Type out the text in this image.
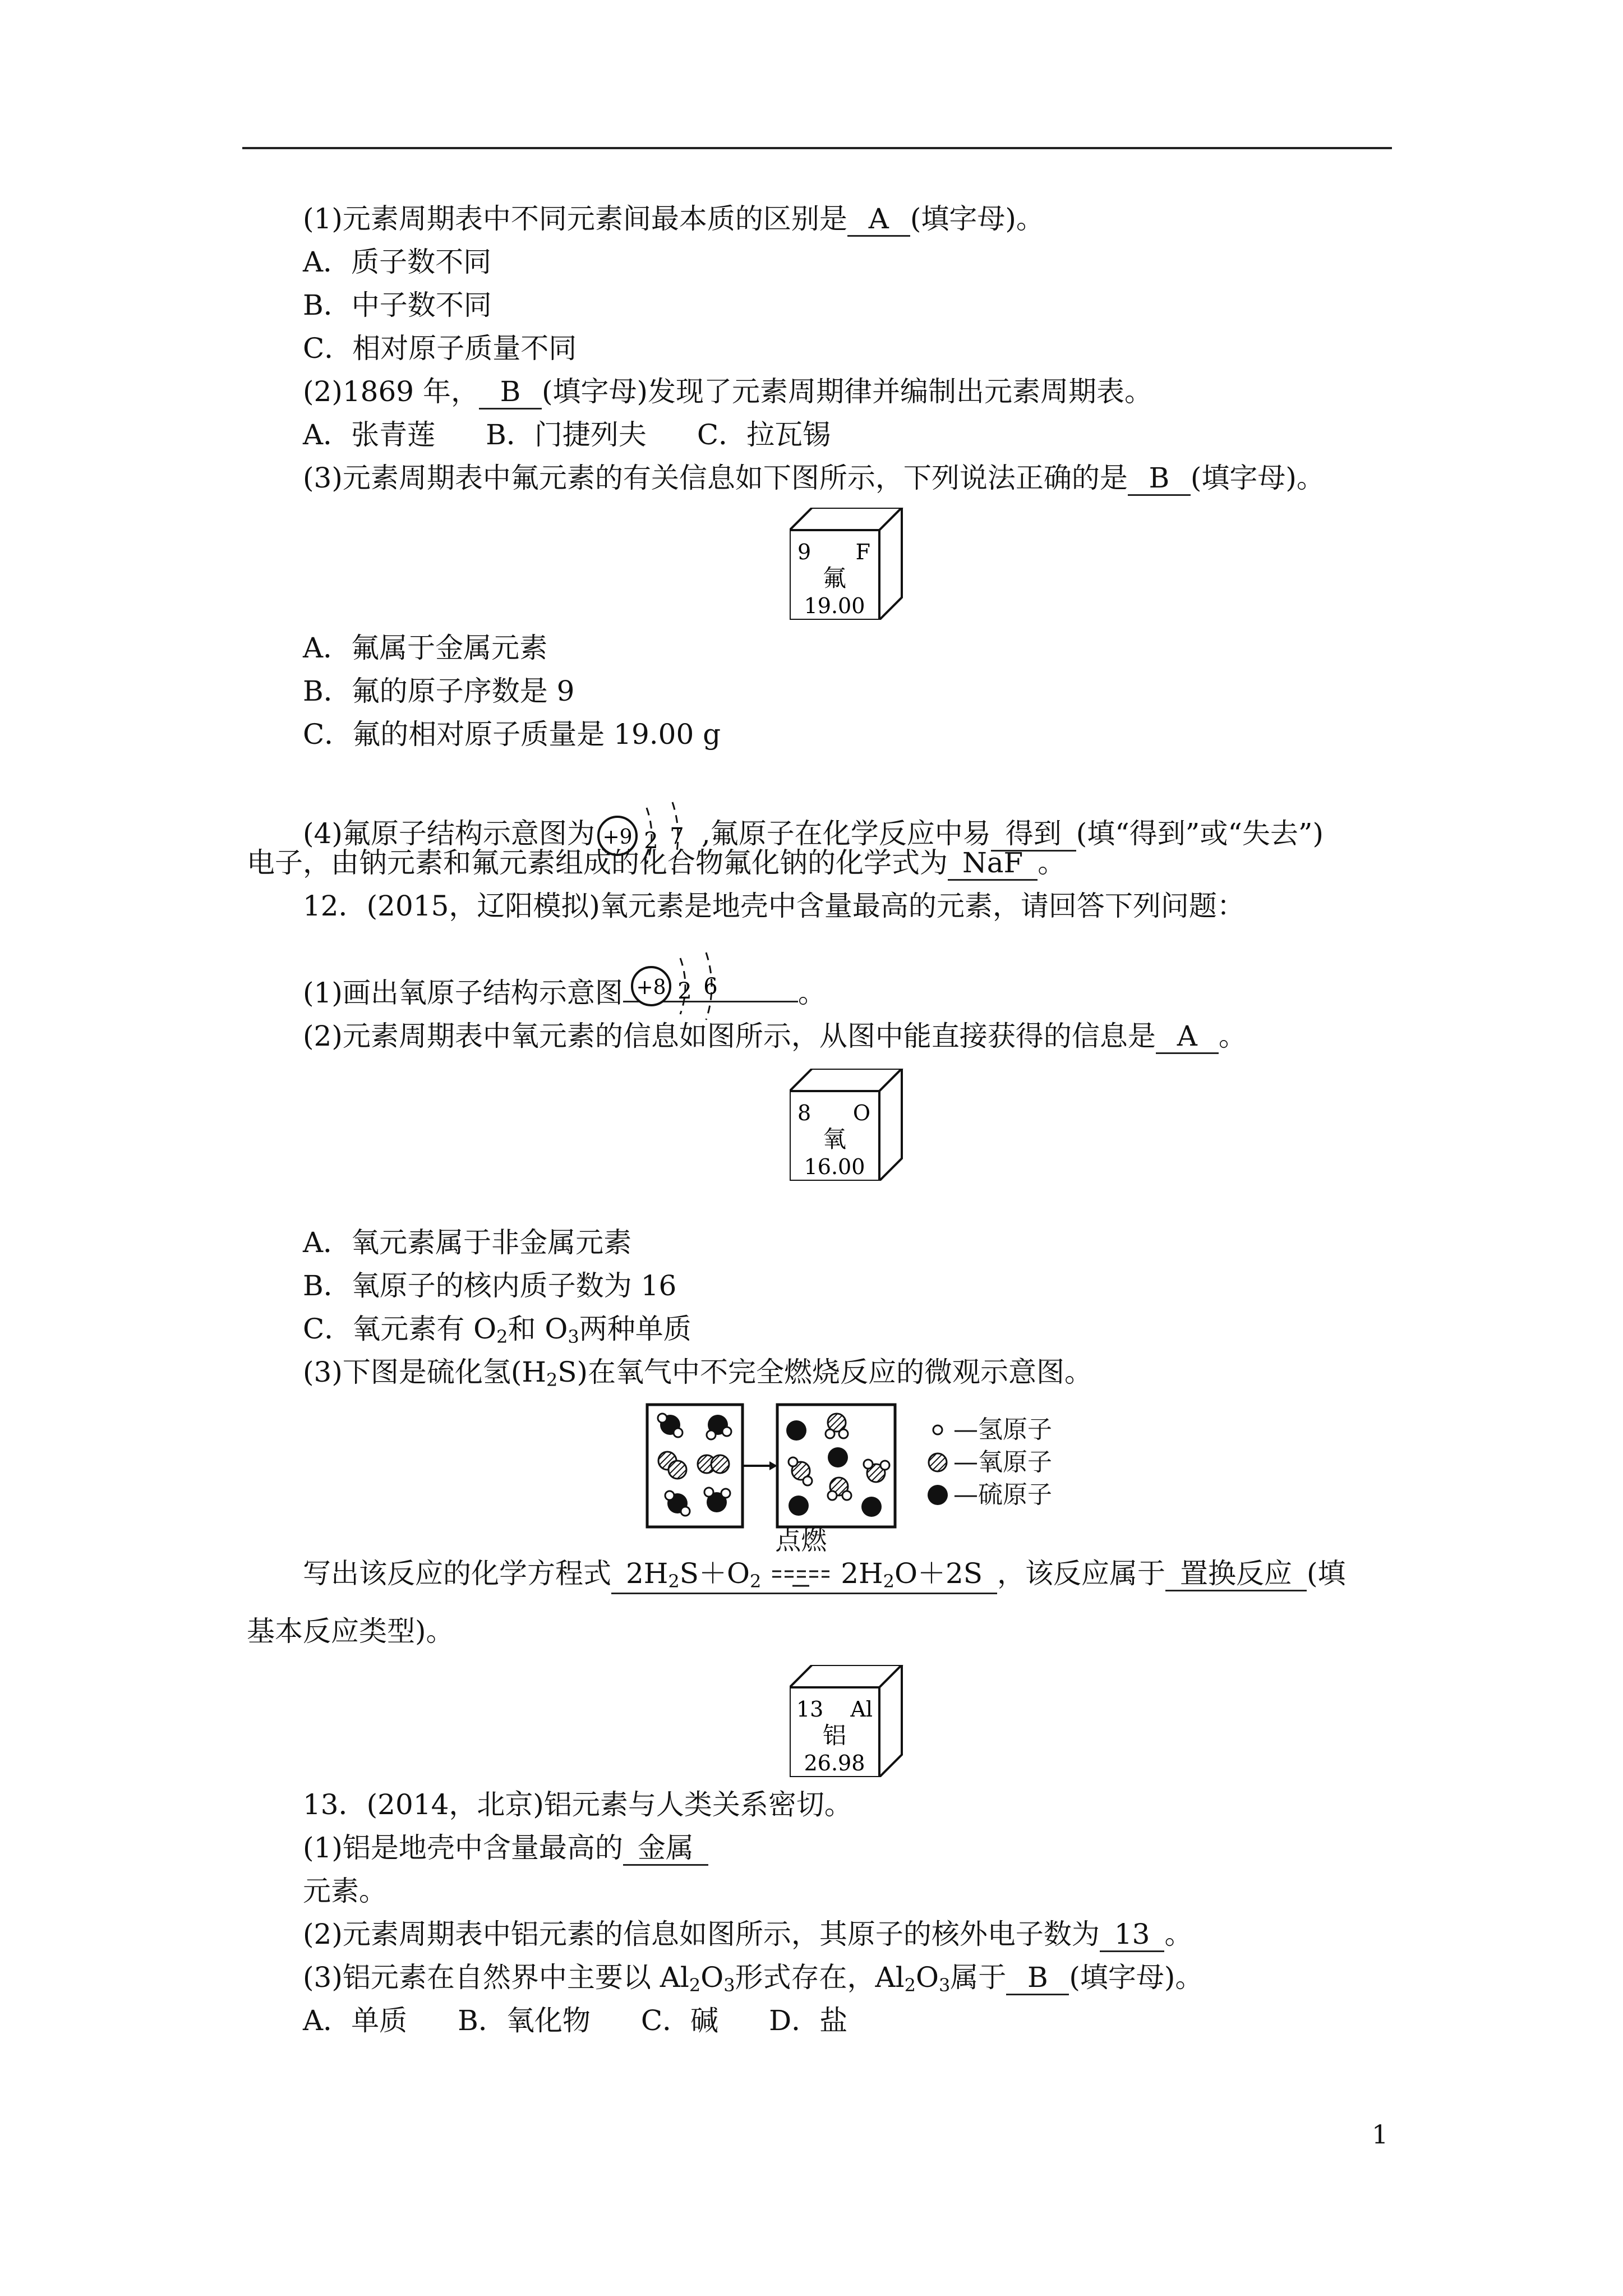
(1)元素周期表中不同元素间最本质的区别是 A (填字母)。
A．质子数不同
B．中子数不同
C．相对原子质量不同
(2)1869 年， B (填字母)发现了元素周期律并编制出元素周期表。
A．张青莲 B．门捷列夫 C．拉瓦锡
(3)元素周期表中氟元素的有关信息如下图所示，下列说法正确的是 B (填字母)。
9 F
氟
19.00
A．氟属于金属元素
B．氟的原子序数是 9
C．氟的相对原子质量是 19.00 g
(4)氟原子结构示意图为 +9 2 7 ,氟原子在化学反应中易 得到 (填“得到”或“失去”)
电子，由钠元素和氟元素组成的化合物氟化钠的化学式为 NaF 。
12．(2015，辽阳模拟)氧元素是地壳中含量最高的元素，请回答下列问题：
(1)画出氧原子结构示意图 +8 2 6	。
(2)元素周期表中氧元素的信息如图所示，从图中能直接获得的信息是 A 。
8 O
氧
16.00
A．氧元素属于非金属元素
B．氧原子的核内质子数为 16
C．氧元素有 $O_2$和 $O_3$两种单质
(3)下图是硫化氢$(H_2S)$在氧气中不完全燃烧反应的微观示意图。
—氢原子
—氧原子
—硫原子
写出该反应的化学方程式 $2H_2S+O_2$
点燃
$2H_2O+2S$ ，该反应属于 置换反应 (填
基本反应类型)。
13 Al
铝
26.98
13．(2014，北京)铝元素与人类关系密切。
(1)铝是地壳中含量最高的 金属
元素。
(2)元素周期表中铝元素的信息如图所示，其原子的核外电子数为 13 。
(3)铝元素在自然界中主要以 $Al_2O_3$形式存在，$Al_2O_3$属于 B (填字母)。
A．单质 B．氧化物 C．碱 D．盐
1
